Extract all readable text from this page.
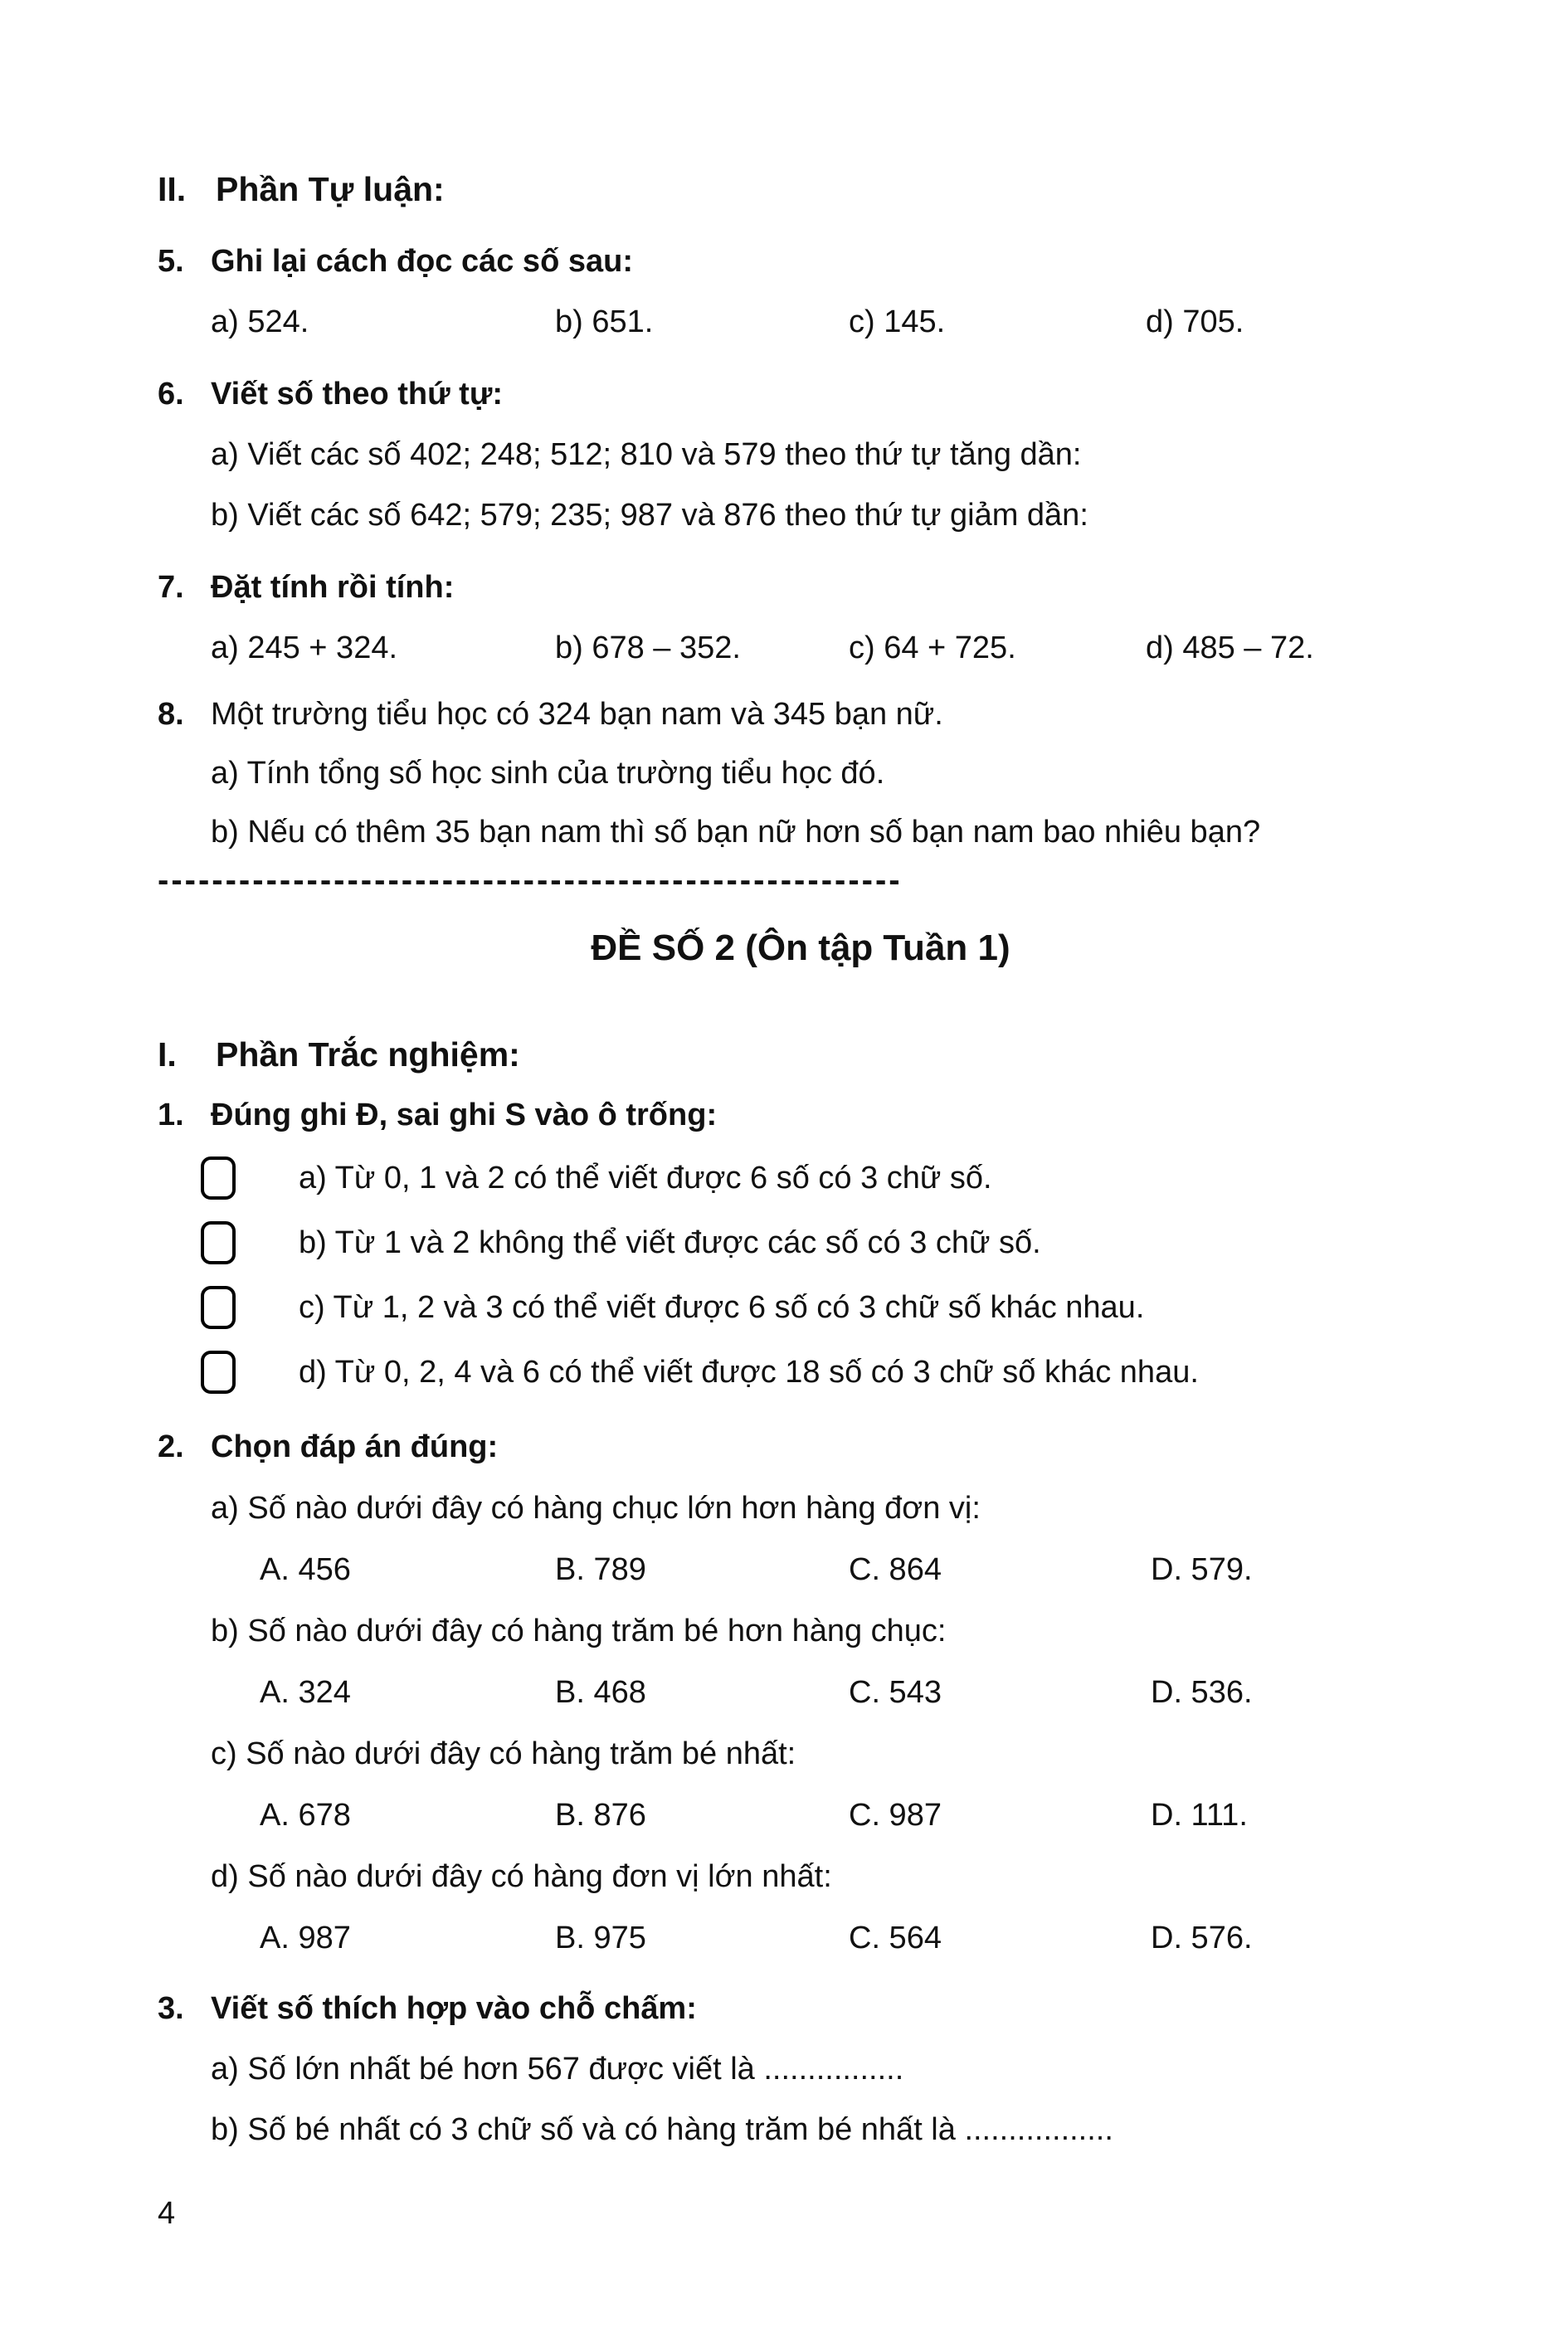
II. Phần Tự luận:
5. Ghi lại cách đọc các số sau:
a) 524.	b) 651.	c) 145.	d) 705.
6. Viết số theo thứ tự:
a) Viết các số 402; 248; 512; 810 và 579 theo thứ tự tăng dần:
b) Viết các số 642; 579; 235; 987 và 876 theo thứ tự giảm dần:
7. Đặt tính rồi tính:
a) 245 + 324.	b) 678 – 352.	c) 64 + 725.	d) 485 – 72.
8. Một trường tiểu học có 324 bạn nam và 345 bạn nữ.
a) Tính tổng số học sinh của trường tiểu học đó.
b) Nếu có thêm 35 bạn nam thì số bạn nữ hơn số bạn nam bao nhiêu bạn?
-------------------------------------------------------
ĐỀ SỐ 2 (Ôn tập Tuần 1)
I.	Phần Trắc nghiệm:
1. Đúng ghi Đ, sai ghi S vào ô trống:
a) Từ 0, 1 và 2 có thể viết được 6 số có 3 chữ số.
b) Từ 1 và 2 không thể viết được các số có 3 chữ số.
c) Từ 1, 2 và 3 có thể viết được 6 số có 3 chữ số khác nhau.
d) Từ 0, 2, 4 và 6 có thể viết được 18 số có 3 chữ số khác nhau.
2. Chọn đáp án đúng:
a) Số nào dưới đây có hàng chục lớn hơn hàng đơn vị:
A. 456	B. 789	C. 864	D. 579.
b) Số nào dưới đây có hàng trăm bé hơn hàng chục:
A. 324	B. 468	C. 543	D. 536.
c) Số nào dưới đây có hàng trăm bé nhất:
A. 678	B. 876	C. 987	D. 111.
d) Số nào dưới đây có hàng đơn vị lớn nhất:
A. 987	B. 975	C. 564	D. 576.
3. Viết số thích hợp vào chỗ chấm:
a) Số lớn nhất bé hơn 567 được viết là ................
b) Số bé nhất có 3 chữ số và có hàng trăm bé nhất là .................
4
